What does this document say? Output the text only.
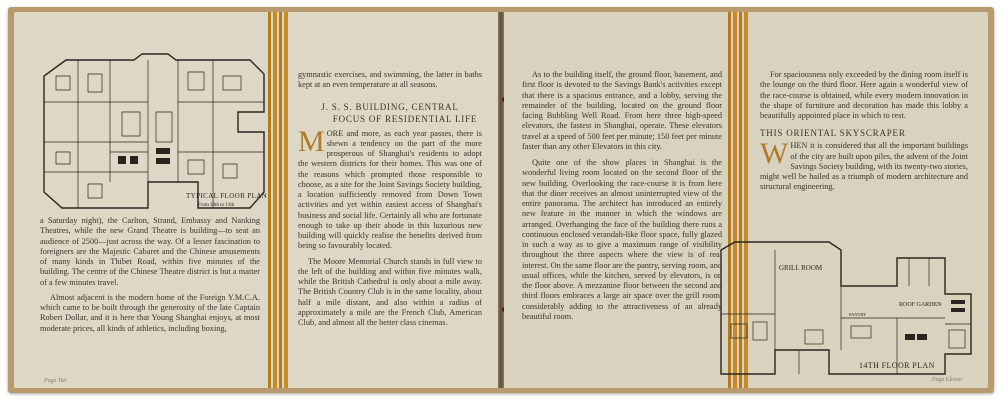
TYPICAL FLOOR PLAN
From 10th to 13th

a Saturday night), the Carlton, Strand, Embassy and Nanking Theatres, while the new Grand Theatre is building—to seat an audience of 2500—just across the way. Of a lesser fascination to foreigners are the Majestic Cabaret and the Chinese amusements of many kinds in Thibet Road, within five minutes of the building. The centre of the Chinese Theatre district is but a matter of a few minutes travel.

Almost adjacent is the modern home of the Foreign Y.M.C.A. which came to be built through the generosity of the late Captain Robert Dollar, and it is here that Young Shanghai enjoys, at most moderate prices, all kinds of athletics, including boxing,

gymnastic exercises, and swimming, the latter in baths kept at an even temperature at all seasons.

J. S. S. BUILDING, CENTRAL
FOCUS OF RESIDENTIAL LIFE

MORE and more, as each year passes, there is shewn a tendency on the part of the more prosperous of Shanghai's residents to adopt the western districts for their homes. This was one of the reasons which prompted those responsible to choose, as a site for the Joint Savings Society building, a location sufficiently removed from Down Town activities and yet within easiest access of Shanghai's business and social life. Certainly all who are fortunate enough to take up their abode in this luxurious new building will quickly realise the benefits derived from being so favourably located.

The Moore Memorial Church stands in full view to the left of the building and within five minutes walk, while the British Cathedral is only about a mile away. The British Country Club is in the same locality, about half a mile distant, and also within a radius of approximately a mile are the French Club, American Club, and almost all the better class cinemas.

Page Ten

As to the building itself, the ground floor, basement, and first floor is devoted to the Savings Bank's activities except that there is a spacious entrance, and a lobby, serving the remainder of the building, located on the ground floor facing Bubbling Well Road. From here three high-speed elevators, the fastest in Shanghai, operate. These elevators travel at a speed of 500 feet per minute; 150 feet per minute faster than any other Elevators in this city.

Quite one of the show places in Shanghai is the wonderful living room located on the second floor of the new building. Overlooking the race-course it is from here that the diner receives an almost uninterrupted view of the entire panorama. The architect has introduced an entirely new feature in the manner in which the windows are arranged. Overhanging the face of the building there runs a continuous enclosed verandah-like floor space, fully glazed in such a way as to give a maximum range of visibility throughout the three aspects where the view is of real interest. On the same floor are the pantry, serving room, and usual offices, while the kitchen, served by elevators, is on the floor above. A mezzanine floor between the second and third floors embraces a large air space over the grill room, considerably adding to the attractiveness of an already beautiful room.

For spaciousness only exceeded by the dining room itself is the lounge on the third floor. Here again a wonderful view of the race-course is obtained, while every modern innovation in the shape of furniture and decoration has made this lobby a beautifully appointed place in which to rest.

THIS ORIENTAL SKYSCRAPER

WHEN it is considered that all the important buildings of the city are built upon piles, the advent of the Joint Savings Society building, with its twenty-two stories, might well be hailed as a triumph of modern architecture and structural engineering.

GRILL ROOM
ROOF GARDEN
PANTRY
14TH FLOOR PLAN
Page Eleven
